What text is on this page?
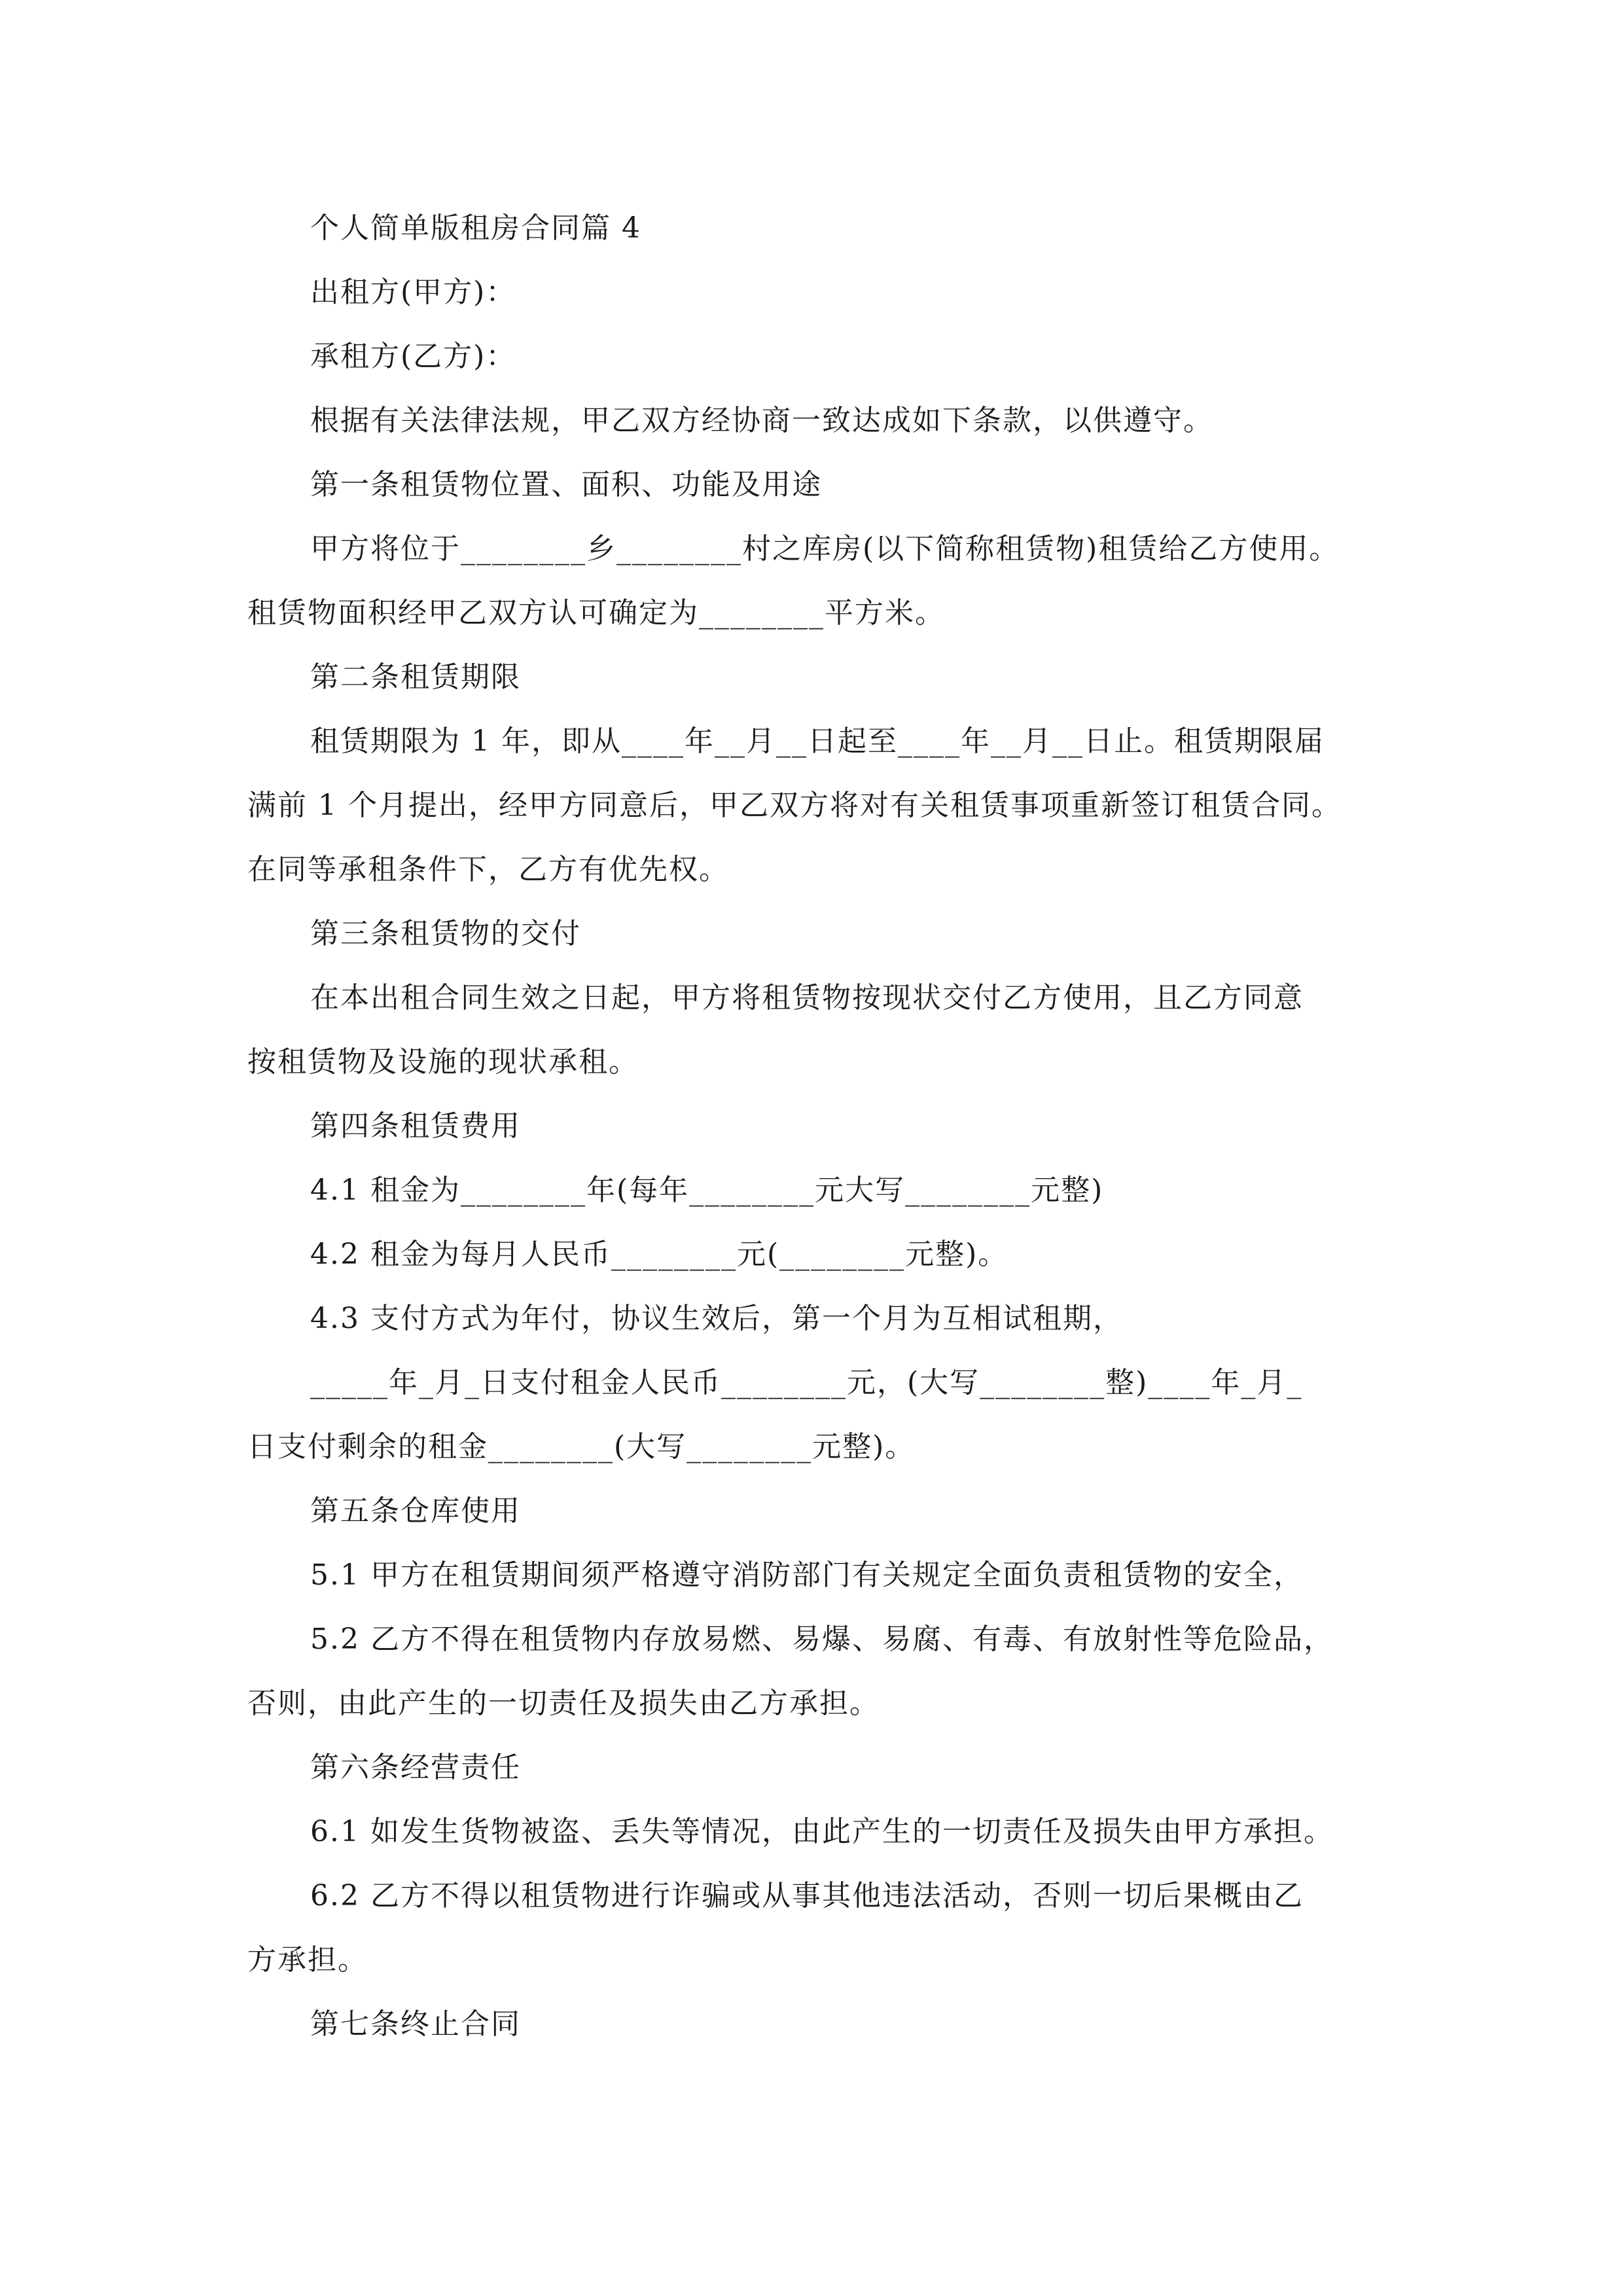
个人简单版租房合同篇 4
出租方(甲方)：
承租方(乙方)：
根据有关法律法规，甲乙双方经协商一致达成如下条款，以供遵守。
第一条租赁物位置、面积、功能及用途
甲方将位于________乡________村之库房(以下简称租赁物)租赁给乙方使用。
租赁物面积经甲乙双方认可确定为________平方米。
第二条租赁期限
租赁期限为 1 年，即从____年__月__日起至____年__月__日止。租赁期限届
满前 1 个月提出，经甲方同意后，甲乙双方将对有关租赁事项重新签订租赁合同。
在同等承租条件下，乙方有优先权。
第三条租赁物的交付
在本出租合同生效之日起，甲方将租赁物按现状交付乙方使用，且乙方同意
按租赁物及设施的现状承租。
第四条租赁费用
4.1 租金为________年(每年________元大写________元整)
4.2 租金为每月人民币________元(________元整)。
4.3 支付方式为年付，协议生效后，第一个月为互相试租期，
_____年_月_日支付租金人民币________元，(大写________整)____年_月_
日支付剩余的租金________(大写________元整)。
第五条仓库使用
5.1 甲方在租赁期间须严格遵守消防部门有关规定全面负责租赁物的安全，
5.2 乙方不得在租赁物内存放易燃、易爆、易腐、有毒、有放射性等危险品，
否则，由此产生的一切责任及损失由乙方承担。
第六条经营责任
6.1 如发生货物被盗、丢失等情况，由此产生的一切责任及损失由甲方承担。
6.2 乙方不得以租赁物进行诈骗或从事其他违法活动，否则一切后果概由乙
方承担。
第七条终止合同
